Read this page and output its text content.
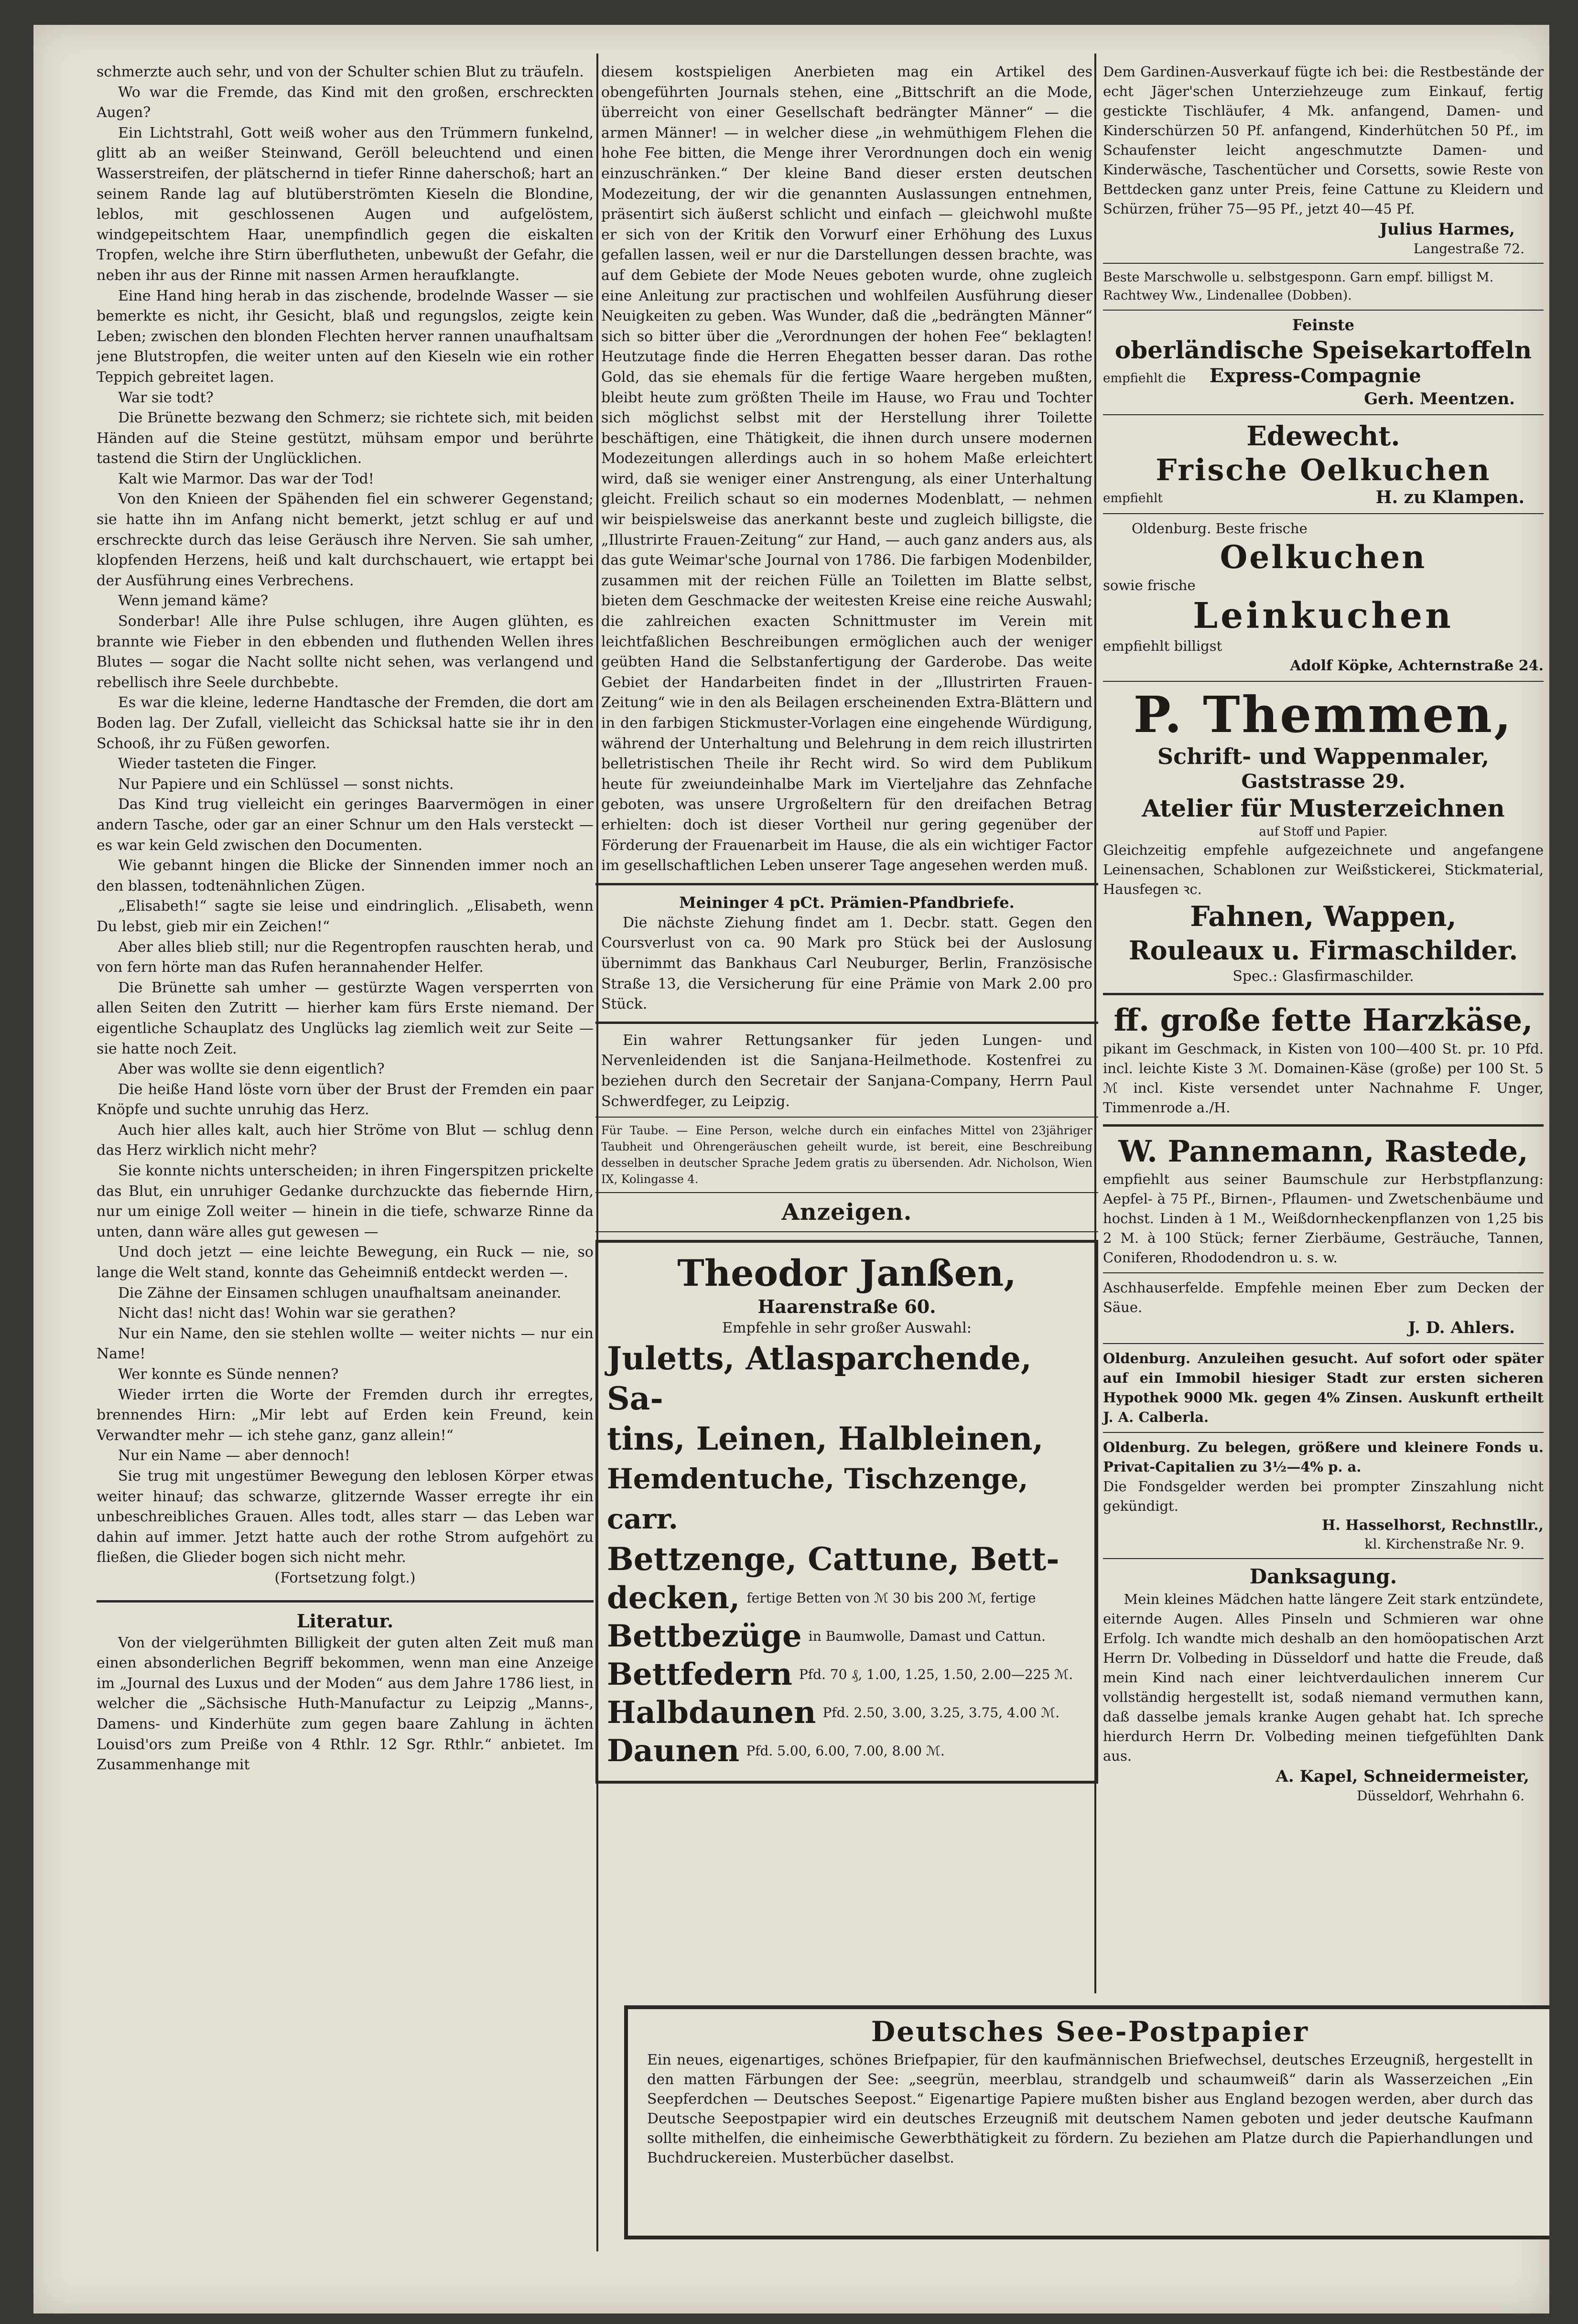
schmerzte auch sehr, und von der Schulter schien Blut zu träufeln.

Wo war die Fremde, das Kind mit den großen, erschreckten Augen?

Ein Lichtstrahl, Gott weiß woher aus den Trümmern funkelnd, glitt ab an weißer Steinwand, Geröll beleuchtend und einen Wasserstreifen, der plätschernd in tiefer Rinne daherschoß; hart an seinem Rande lag auf blutüberströmten Kieseln die Blondine, leblos, mit geschlossenen Augen und aufgelöstem, windgepeitschtem Haar, unempfindlich gegen die eiskalten Tropfen, welche ihre Stirn überflutheten, unbewußt der Gefahr, die neben ihr aus der Rinne mit nassen Armen heraufklangte.

Eine Hand hing herab in das zischende, brodelnde Wasser — sie bemerkte es nicht, ihr Gesicht, blaß und regungslos, zeigte kein Leben; zwischen den blonden Flechten herver rannen unaufhaltsam jene Blutstropfen, die weiter unten auf den Kieseln wie ein rother Teppich gebreitet lagen.

War sie todt?

Die Brünette bezwang den Schmerz; sie richtete sich, mit beiden Händen auf die Steine gestützt, mühsam empor und berührte tastend die Stirn der Unglücklichen.

Kalt wie Marmor. Das war der Tod!

Von den Knieen der Spähenden fiel ein schwerer Gegenstand; sie hatte ihn im Anfang nicht bemerkt, jetzt schlug er auf und erschreckte durch das leise Geräusch ihre Nerven. Sie sah umher, klopfenden Herzens, heiß und kalt durchschauert, wie ertappt bei der Ausführung eines Verbrechens.

Wenn jemand käme?

Sonderbar! Alle ihre Pulse schlugen, ihre Augen glühten, es brannte wie Fieber in den ebbenden und fluthenden Wellen ihres Blutes — sogar die Nacht sollte nicht sehen, was verlangend und rebellisch ihre Seele durchbebte.

Es war die kleine, lederne Handtasche der Fremden, die dort am Boden lag. Der Zufall, vielleicht das Schicksal hatte sie ihr in den Schooß, ihr zu Füßen geworfen.

Wieder tasteten die Finger.

Nur Papiere und ein Schlüssel — sonst nichts.

Das Kind trug vielleicht ein geringes Baarvermögen in einer andern Tasche, oder gar an einer Schnur um den Hals versteckt — es war kein Geld zwischen den Documenten.

Wie gebannt hingen die Blicke der Sinnenden immer noch an den blassen, todtenähnlichen Zügen.

„Elisabeth!“ sagte sie leise und eindringlich. „Elisabeth, wenn Du lebst, gieb mir ein Zeichen!“

Aber alles blieb still; nur die Regentropfen rauschten herab, und von fern hörte man das Rufen herannahender Helfer.

Die Brünette sah umher — gestürzte Wagen versperrten von allen Seiten den Zutritt — hierher kam fürs Erste niemand. Der eigentliche Schauplatz des Unglücks lag ziemlich weit zur Seite — sie hatte noch Zeit.

Aber was wollte sie denn eigentlich?

Die heiße Hand löste vorn über der Brust der Fremden ein paar Knöpfe und suchte unruhig das Herz.

Auch hier alles kalt, auch hier Ströme von Blut — schlug denn das Herz wirklich nicht mehr?

Sie konnte nichts unterscheiden; in ihren Fingerspitzen prickelte das Blut, ein unruhiger Gedanke durchzuckte das fiebernde Hirn, nur um einige Zoll weiter — hinein in die tiefe, schwarze Rinne da unten, dann wäre alles gut gewesen —

Und doch jetzt — eine leichte Bewegung, ein Ruck — nie, so lange die Welt stand, konnte das Geheimniß entdeckt werden —.

Die Zähne der Einsamen schlugen unaufhaltsam aneinander.

Nicht das! nicht das! Wohin war sie gerathen?

Nur ein Name, den sie stehlen wollte — weiter nichts — nur ein Name!

Wer konnte es Sünde nennen?

Wieder irrten die Worte der Fremden durch ihr erregtes, brennendes Hirn: „Mir lebt auf Erden kein Freund, kein Verwandter mehr — ich stehe ganz, ganz allein!“

Nur ein Name — aber dennoch!

Sie trug mit ungestümer Bewegung den leblosen Körper etwas weiter hinauf; das schwarze, glitzernde Wasser erregte ihr ein unbeschreibliches Grauen. Alles todt, alles starr — das Leben war dahin auf immer. Jetzt hatte auch der rothe Strom aufgehört zu fließen, die Glieder bogen sich nicht mehr.

(Fortsetzung folgt.)

Literatur.

Von der vielgerühmten Billigkeit der guten alten Zeit muß man einen absonderlichen Begriff bekommen, wenn man eine Anzeige im „Journal des Luxus und der Moden“ aus dem Jahre 1786 liest, in welcher die „Sächsische Huth-Manufactur zu Leipzig „Manns-, Damens- und Kinderhüte zum gegen baare Zahlung in ächten Louisd'ors zum Preiße von 4 Rthlr. 12 Sgr. Rthlr.“ anbietet. Im Zusammenhange mit

diesem kostspieligen Anerbieten mag ein Artikel des obengeführten Journals stehen, eine „Bittschrift an die Mode, überreicht von einer Gesellschaft bedrängter Männer“ — die armen Männer! — in welcher diese „in wehmüthigem Flehen die hohe Fee bitten, die Menge ihrer Verordnungen doch ein wenig einzuschränken.“ Der kleine Band dieser ersten deutschen Modezeitung, der wir die genannten Auslassungen entnehmen, präsentirt sich äußerst schlicht und einfach — gleichwohl mußte er sich von der Kritik den Vorwurf einer Erhöhung des Luxus gefallen lassen, weil er nur die Darstellungen dessen brachte, was auf dem Gebiete der Mode Neues geboten wurde, ohne zugleich eine Anleitung zur practischen und wohlfeilen Ausführung dieser Neuigkeiten zu geben. Was Wunder, daß die „bedrängten Männer“ sich so bitter über die „Verordnungen der hohen Fee“ beklagten! Heutzutage finde die Herren Ehegatten besser daran. Das rothe Gold, das sie ehemals für die fertige Waare hergeben mußten, bleibt heute zum größten Theile im Hause, wo Frau und Tochter sich möglichst selbst mit der Herstellung ihrer Toilette beschäftigen, eine Thätigkeit, die ihnen durch unsere modernen Modezeitungen allerdings auch in so hohem Maße erleichtert wird, daß sie weniger einer Anstrengung, als einer Unterhaltung gleicht. Freilich schaut so ein modernes Modenblatt, — nehmen wir beispielsweise das anerkannt beste und zugleich billigste, die „Illustrirte Frauen-Zeitung“ zur Hand, — auch ganz anders aus, als das gute Weimar'sche Journal von 1786. Die farbigen Modenbilder, zusammen mit der reichen Fülle an Toiletten im Blatte selbst, bieten dem Geschmacke der weitesten Kreise eine reiche Auswahl; die zahlreichen exacten Schnittmuster im Verein mit leichtfaßlichen Beschreibungen ermöglichen auch der weniger geübten Hand die Selbstanfertigung der Garderobe. Das weite Gebiet der Handarbeiten findet in der „Illustrirten Frauen-Zeitung“ wie in den als Beilagen erscheinenden Extra-Blättern und in den farbigen Stickmuster-Vorlagen eine eingehende Würdigung, während der Unterhaltung und Belehrung in dem reich illustrirten belletristischen Theile ihr Recht wird. So wird dem Publikum heute für zweiundeinhalbe Mark im Vierteljahre das Zehnfache geboten, was unsere Urgroßeltern für den dreifachen Betrag erhielten: doch ist dieser Vortheil nur gering gegenüber der Förderung der Frauenarbeit im Hause, die als ein wichtiger Factor im gesellschaftlichen Leben unserer Tage angesehen werden muß.

Meininger 4 pCt. Prämien-Pfandbriefe.

Die nächste Ziehung findet am 1. Decbr. statt. Gegen den Coursverlust von ca. 90 Mark pro Stück bei der Auslosung übernimmt das Bankhaus Carl Neuburger, Berlin, Französische Straße 13, die Versicherung für eine Prämie von Mark 2.00 pro Stück.

Ein wahrer Rettungsanker für jeden Lungen- und Nervenleidenden ist die Sanjana-Heilmethode. Kostenfrei zu beziehen durch den Secretair der Sanjana-Company, Herrn Paul Schwerdfeger, zu Leipzig.

Für Taube. — Eine Person, welche durch ein einfaches Mittel von 23jähriger Taubheit und Ohrengeräuschen geheilt wurde, ist bereit, eine Beschreibung desselben in deutscher Sprache Jedem gratis zu übersenden. Adr. Nicholson, Wien IX, Kolingasse 4.

Anzeigen.

Theodor Janßen,

Haarenstraße 60.

Empfehle in sehr großer Auswahl:

Juletts, Atlasparchende, Sa-

tins, Leinen, Halbleinen,

Hemdentuche, Tischzenge, carr.

Bettzenge, Cattune, Bett-

decken, fertige Betten von ℳ 30 bis 200 ℳ, fertige
Bettbezüge in Baumwolle, Damast und Cattun.
Bettfedern Pfd. 70 ₰, 1.00, 1.25, 1.50, 2.00—225 ℳ.
Halbdaunen Pfd. 2.50, 3.00, 3.25, 3.75, 4.00 ℳ.
Daunen Pfd. 5.00, 6.00, 7.00, 8.00 ℳ.

Dem Gardinen-Ausverkauf fügte ich bei: die Restbestände der echt Jäger'schen Unterziehzeuge zum Einkauf, fertig gestickte Tischläufer, 4 Mk. anfangend, Damen- und Kinderschürzen 50 Pf. anfangend, Kinderhütchen 50 Pf., im Schaufenster leicht angeschmutzte Damen- und Kinderwäsche, Taschentücher und Corsetts, sowie Reste von Bettdecken ganz unter Preis, feine Cattune zu Kleidern und Schürzen, früher 75—95 Pf., jetzt 40—45 Pf.

Julius Harmes,

Langestraße 72.

Beste Marschwolle u. selbstgesponn. Garn empf. billigst M. Rachtwey Ww., Lindenallee (Dobben).

Feinste

oberländische Speisekartoffeln

empfiehlt die Express-Compagnie

Gerh. Meentzen.

Edewecht.

Frische Oelkuchen

empfiehlt	H. zu Klampen.

Oldenburg. Beste frische

Oelkuchen

sowie frische

Leinkuchen

empfiehlt billigst

Adolf Köpke, Achternstraße 24.

P. Themmen,

Schrift- und Wappenmaler,

Gaststrasse 29.

Atelier für Musterzeichnen

auf Stoff und Papier.

Gleichzeitig empfehle aufgezeichnete und angefangene Leinensachen, Schablonen zur Weißstickerei, Stickmaterial, Hausfegen ꝛc.

Fahnen, Wappen,

Rouleaux u. Firmaschilder.

Spec.: Glasfirmaschilder.

ff. große fette Harzkäse,

pikant im Geschmack, in Kisten von 100—400 St. pr. 10 Pfd. incl. leichte Kiste 3 ℳ. Domainen-Käse (große) per 100 St. 5 ℳ incl. Kiste versendet unter Nachnahme F. Unger, Timmenrode a./H.

W. Pannemann, Rastede,

empfiehlt aus seiner Baumschule zur Herbstpflanzung: Aepfel- à 75 Pf., Birnen-, Pflaumen- und Zwetschenbäume und hochst. Linden à 1 M., Weißdornheckenpflanzen von 1,25 bis 2 M. à 100 Stück; ferner Zierbäume, Gesträuche, Tannen, Coniferen, Rhododendron u. s. w.

Aschhauserfelde. Empfehle meinen Eber zum Decken der Säue.

J. D. Ahlers.

Oldenburg. Anzuleihen gesucht. Auf sofort oder später auf ein Immobil hiesiger Stadt zur ersten sicheren Hypothek 9000 Mk. gegen 4% Zinsen. Auskunft ertheilt J. A. Calberla.

Oldenburg. Zu belegen, größere und kleinere Fonds u. Privat-Capitalien zu 3½—4% p. a.

Die Fondsgelder werden bei prompter Zinszahlung nicht gekündigt.

H. Hasselhorst, Rechnstllr.,

kl. Kirchenstraße Nr. 9.

Danksagung.

Mein kleines Mädchen hatte längere Zeit stark entzündete, eiternde Augen. Alles Pinseln und Schmieren war ohne Erfolg. Ich wandte mich deshalb an den homöopatischen Arzt Herrn Dr. Volbeding in Düsseldorf und hatte die Freude, daß mein Kind nach einer leichtverdaulichen innerem Cur vollständig hergestellt ist, sodaß niemand vermuthen kann, daß dasselbe jemals kranke Augen gehabt hat. Ich spreche hierdurch Herrn Dr. Volbeding meinen tiefgefühlten Dank aus.

A. Kapel, Schneidermeister,

Düsseldorf, Wehrhahn 6.

Deutsches See-Postpapier

Ein neues, eigenartiges, schönes Briefpapier, für den kaufmännischen Briefwechsel, deutsches Erzeugniß, hergestellt in den matten Färbungen der See: „seegrün, meerblau, strandgelb und schaumweiß“ darin als Wasserzeichen „Ein Seepferdchen — Deutsches Seepost.“ Eigenartige Papiere mußten bisher aus England bezogen werden, aber durch das Deutsche Seepostpapier wird ein deutsches Erzeugniß mit deutschem Namen geboten und jeder deutsche Kaufmann sollte mithelfen, die einheimische Gewerbthätigkeit zu fördern. Zu beziehen am Platze durch die Papierhandlungen und Buchdruckereien. Musterbücher daselbst.
